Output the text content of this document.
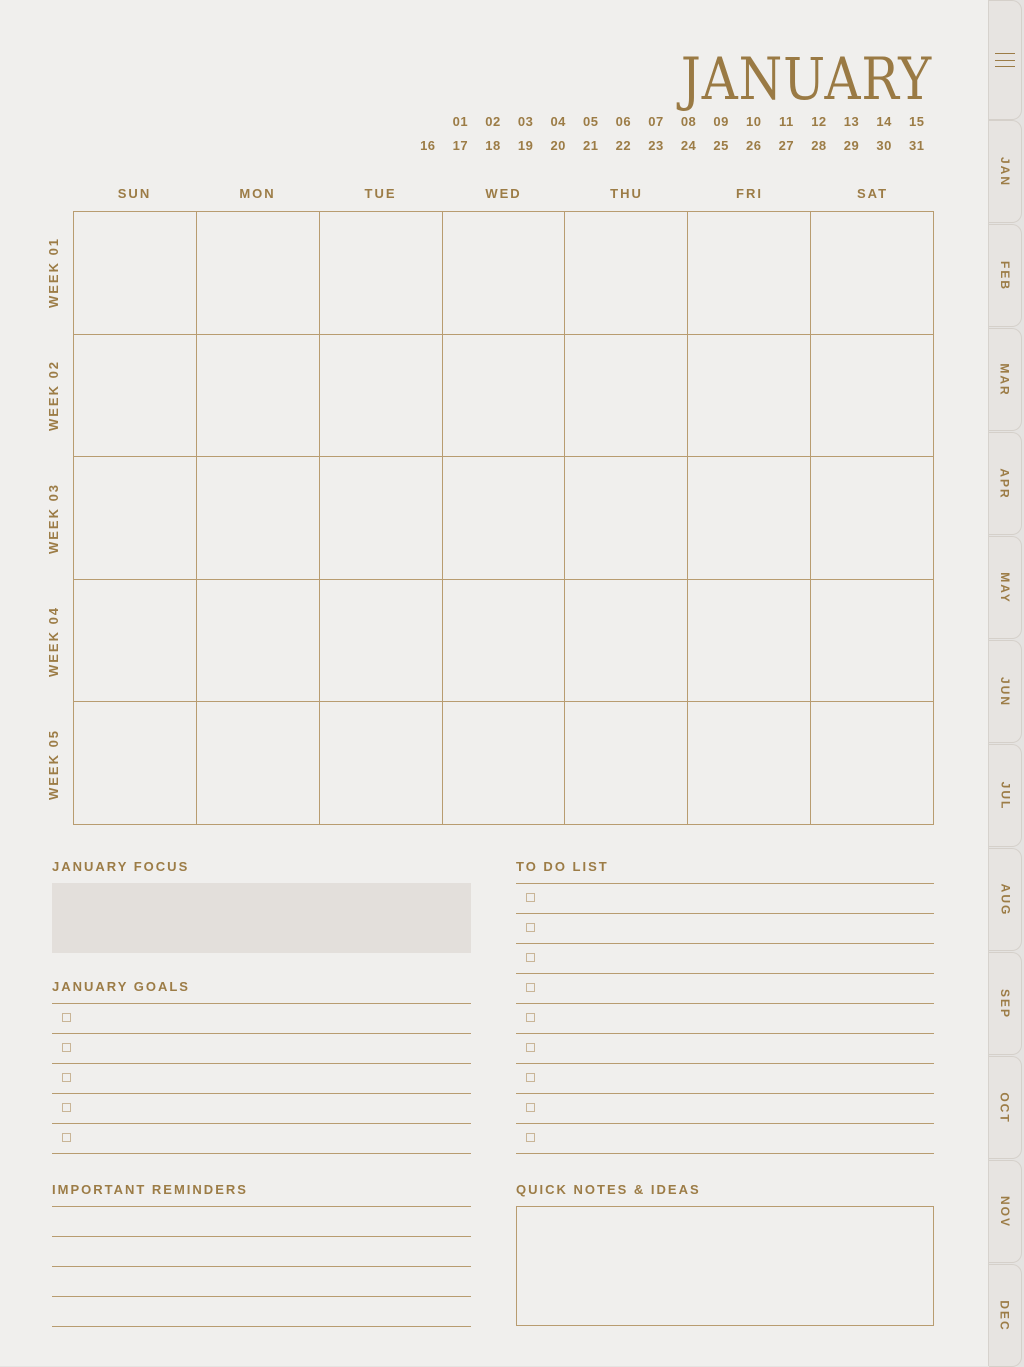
JANUARY
01	02	03	04	05	06	07	08	09	10	11	12	13	14	15
16	17	18	19	20	21	22	23	24	25	26	27	28	29	30	31
SUN	MON	TUE	WED	THU	FRI	SAT
WEEK 01
WEEK 02
WEEK 03
WEEK 04
WEEK 05

JANUARY FOCUS

JANUARY GOALS

IMPORTANT REMINDERS

TO DO LIST

QUICK NOTES & IDEAS

JAN
FEB
MAR
APR
MAY
JUN
JUL
AUG
SEP
OCT
NOV
DEC
